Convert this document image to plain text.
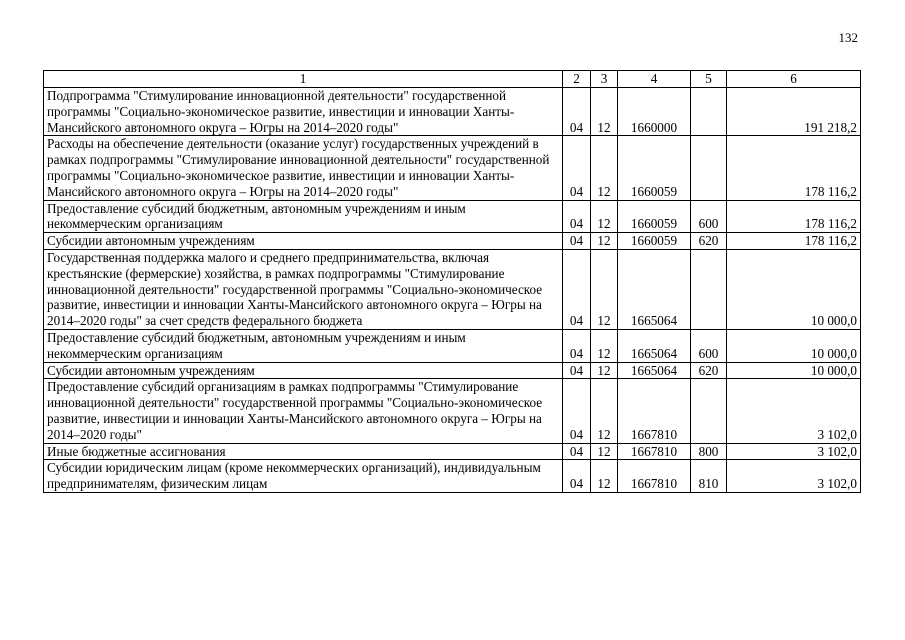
132
1	2	3	4	5	6
Подпрограмма "Стимулирование инновационной деятельности" государственной программы "Социально-экономическое развитие, инвестиции и инновации Ханты-Мансийского автономного округа – Югры на 2014–2020 годы"	04	12	1660000		191 218,2
Расходы на обеспечение деятельности (оказание услуг) государственных учреждений в рамках подпрограммы "Стимулирование инновационной деятельности" государственной программы "Социально-экономическое развитие, инвестиции и инновации Ханты-Мансийского автономного округа – Югры на 2014–2020 годы"	04	12	1660059		178 116,2
Предоставление субсидий бюджетным, автономным учреждениям и иным некоммерческим организациям	04	12	1660059	600	178 116,2
Субсидии автономным учреждениям	04	12	1660059	620	178 116,2
Государственная поддержка малого и среднего предпринимательства, включая крестьянские (фермерские) хозяйства, в рамках подпрограммы "Стимулирование инновационной деятельности" государственной программы "Социально-экономическое развитие, инвестиции и инновации Ханты-Мансийского автономного округа – Югры на 2014–2020 годы" за счет средств федерального бюджета	04	12	1665064		10 000,0
Предоставление субсидий бюджетным, автономным учреждениям и иным некоммерческим организациям	04	12	1665064	600	10 000,0
Субсидии автономным учреждениям	04	12	1665064	620	10 000,0
Предоставление субсидий организациям в рамках подпрограммы "Стимулирование инновационной деятельности" государственной программы "Социально-экономическое развитие, инвестиции и инновации Ханты-Мансийского автономного округа – Югры на 2014–2020 годы"	04	12	1667810		3 102,0
Иные бюджетные ассигнования	04	12	1667810	800	3 102,0
Субсидии юридическим лицам (кроме некоммерческих организаций), индивидуальным предпринимателям, физическим лицам	04	12	1667810	810	3 102,0
